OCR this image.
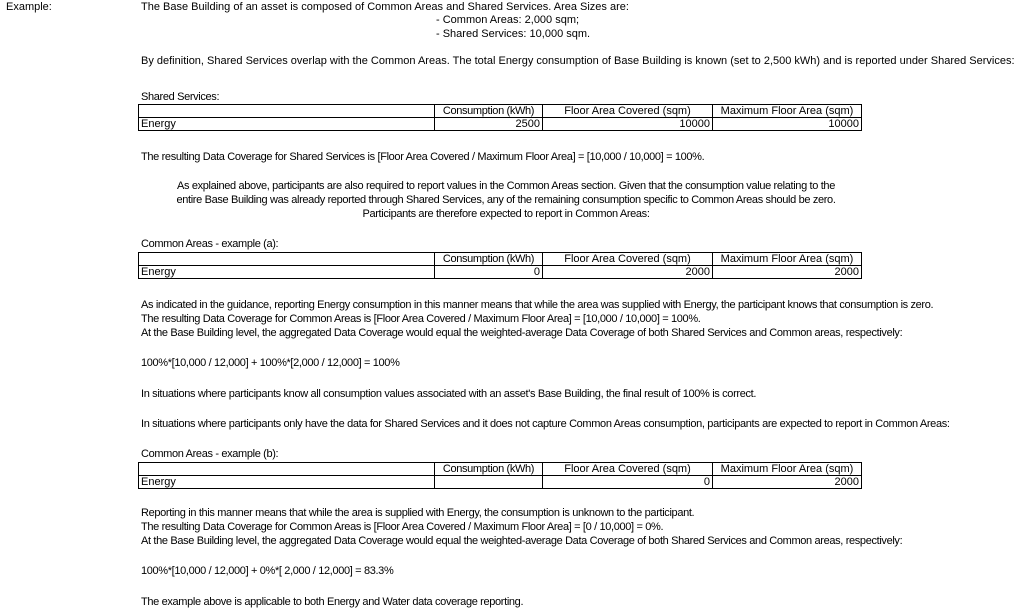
Example:	The Base Building of an asset is composed of Common Areas and Shared Services. Area Sizes are:
- Common Areas: 2,000 sqm;
- Shared Services: 10,000 sqm.
By definition, Shared Services overlap with the Common Areas. The total Energy consumption of Base Building is known (set to 2,500 kWh) and is reported under Shared Services:
Shared Services:
	Consumption (kWh)	Floor Area Covered (sqm)	Maximum Floor Area (sqm)
Energy	2500	10000	10000
The resulting Data Coverage for Shared Services is [Floor Area Covered / Maximum Floor Area] = [10,000 / 10,000] = 100%.
As explained above, participants are also required to report values in the Common Areas section. Given that the consumption value relating to the
entire Base Building was already reported through Shared Services, any of the remaining consumption specific to Common Areas should be zero.
Participants are therefore expected to report in Common Areas:
Common Areas - example (a):
	Consumption (kWh)	Floor Area Covered (sqm)	Maximum Floor Area (sqm)
Energy	0	2000	2000
As indicated in the guidance, reporting Energy consumption in this manner means that while the area was supplied with Energy, the participant knows that consumption is zero.
The resulting Data Coverage for Common Areas is [Floor Area Covered / Maximum Floor Area] = [10,000 / 10,000] = 100%.
At the Base Building level, the aggregated Data Coverage would equal the weighted-average Data Coverage of both Shared Services and Common areas, respectively:
100%*[10,000 / 12,000] + 100%*[2,000 / 12,000] = 100%
In situations where participants know all consumption values associated with an asset's Base Building, the final result of 100% is correct.
In situations where participants only have the data for Shared Services and it does not capture Common Areas consumption, participants are expected to report in Common Areas:
Common Areas - example (b):
	Consumption (kWh)	Floor Area Covered (sqm)	Maximum Floor Area (sqm)
Energy		0	2000
Reporting in this manner means that while the area is supplied with Energy, the consumption is unknown to the participant.
The resulting Data Coverage for Common Areas is [Floor Area Covered / Maximum Floor Area] = [0 / 10,000] = 0%.
At the Base Building level, the aggregated Data Coverage would equal the weighted-average Data Coverage of both Shared Services and Common areas, respectively:
100%*[10,000 / 12,000] + 0%*[ 2,000 / 12,000] = 83.3%
The example above is applicable to both Energy and Water data coverage reporting.
